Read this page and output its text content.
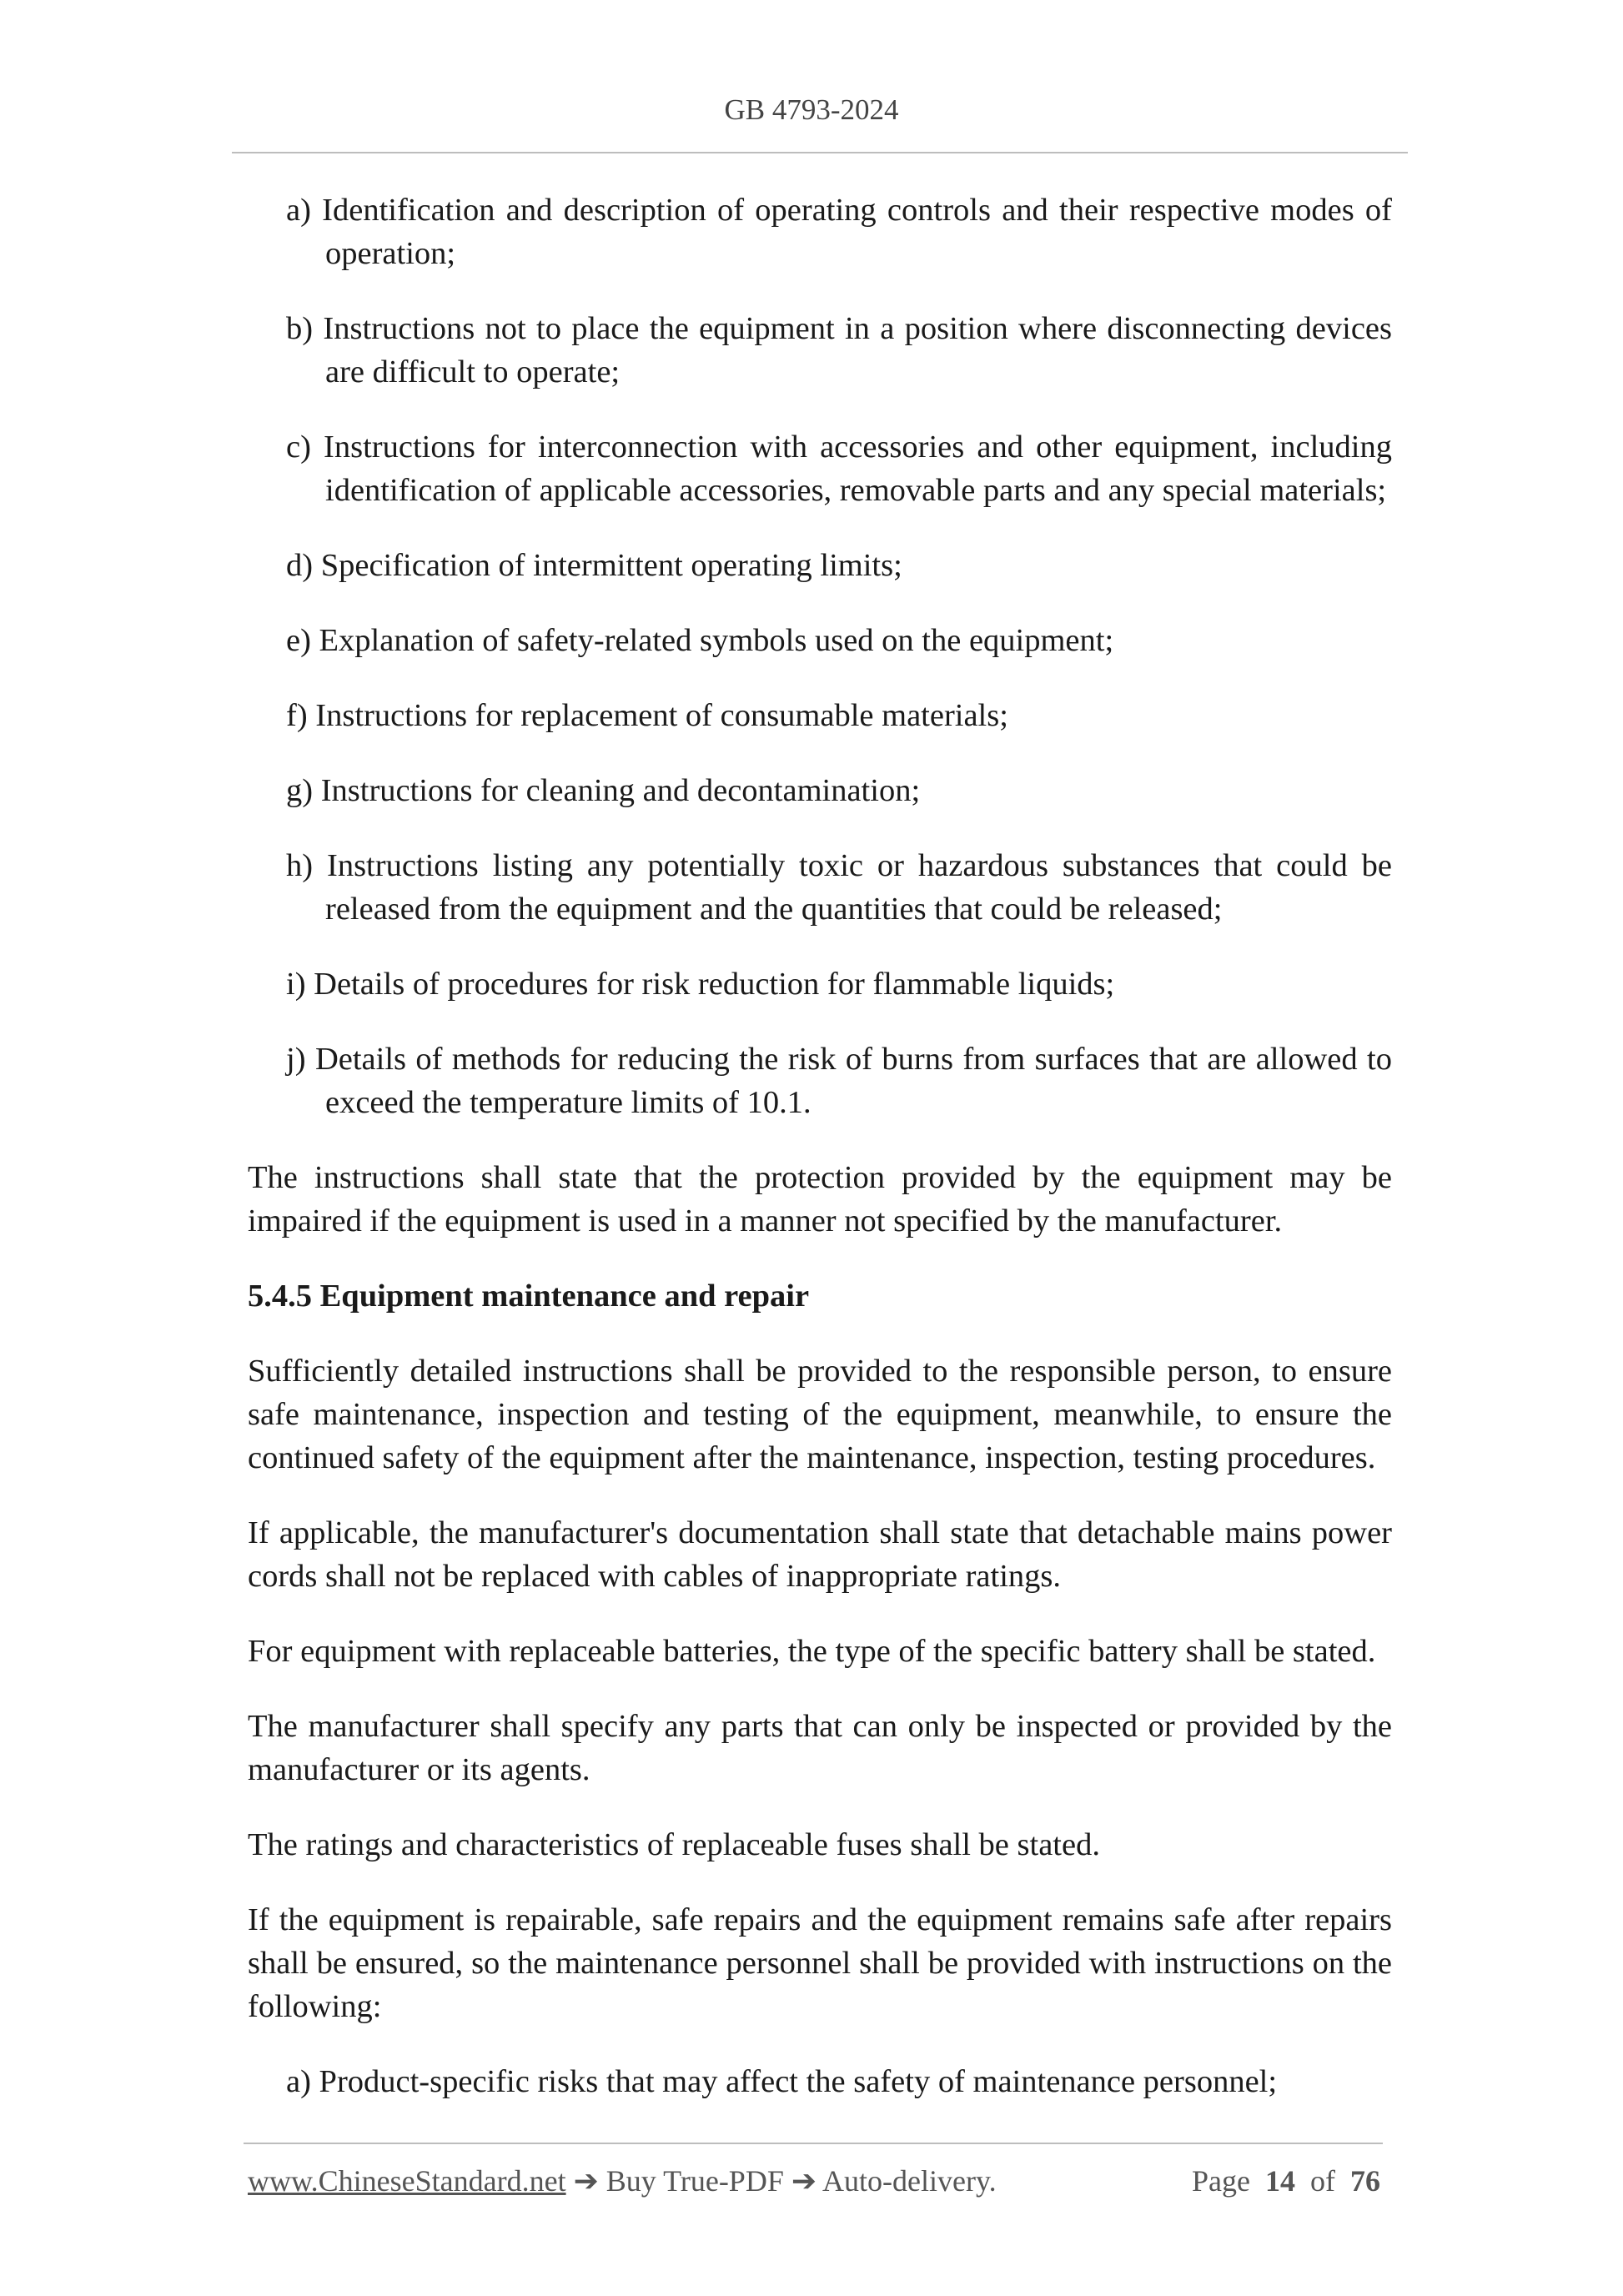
GB 4793-2024

a) Identification and description of operating controls and their respective modes of operation;

b) Instructions not to place the equipment in a position where disconnecting devices are difficult to operate;

c) Instructions for interconnection with accessories and other equipment, including identification of applicable accessories, removable parts and any special materials;

d) Specification of intermittent operating limits;

e) Explanation of safety-related symbols used on the equipment;

f) Instructions for replacement of consumable materials;

g) Instructions for cleaning and decontamination;

h) Instructions listing any potentially toxic or hazardous substances that could be released from the equipment and the quantities that could be released;

i) Details of procedures for risk reduction for flammable liquids;

j) Details of methods for reducing the risk of burns from surfaces that are allowed to exceed the temperature limits of 10.1.

The instructions shall state that the protection provided by the equipment may be impaired if the equipment is used in a manner not specified by the manufacturer.

5.4.5 Equipment maintenance and repair

Sufficiently detailed instructions shall be provided to the responsible person, to ensure safe maintenance, inspection and testing of the equipment, meanwhile, to ensure the continued safety of the equipment after the maintenance, inspection, testing procedures.

If applicable, the manufacturer's documentation shall state that detachable mains power cords shall not be replaced with cables of inappropriate ratings.

For equipment with replaceable batteries, the type of the specific battery shall be stated.

The manufacturer shall specify any parts that can only be inspected or provided by the manufacturer or its agents.

The ratings and characteristics of replaceable fuses shall be stated.

If the equipment is repairable, safe repairs and the equipment remains safe after repairs shall be ensured, so the maintenance personnel shall be provided with instructions on the following:

a) Product-specific risks that may affect the safety of maintenance personnel;

www.ChineseStandard.net ➔ Buy True-PDF ➔ Auto-delivery.	Page 14 of 76
